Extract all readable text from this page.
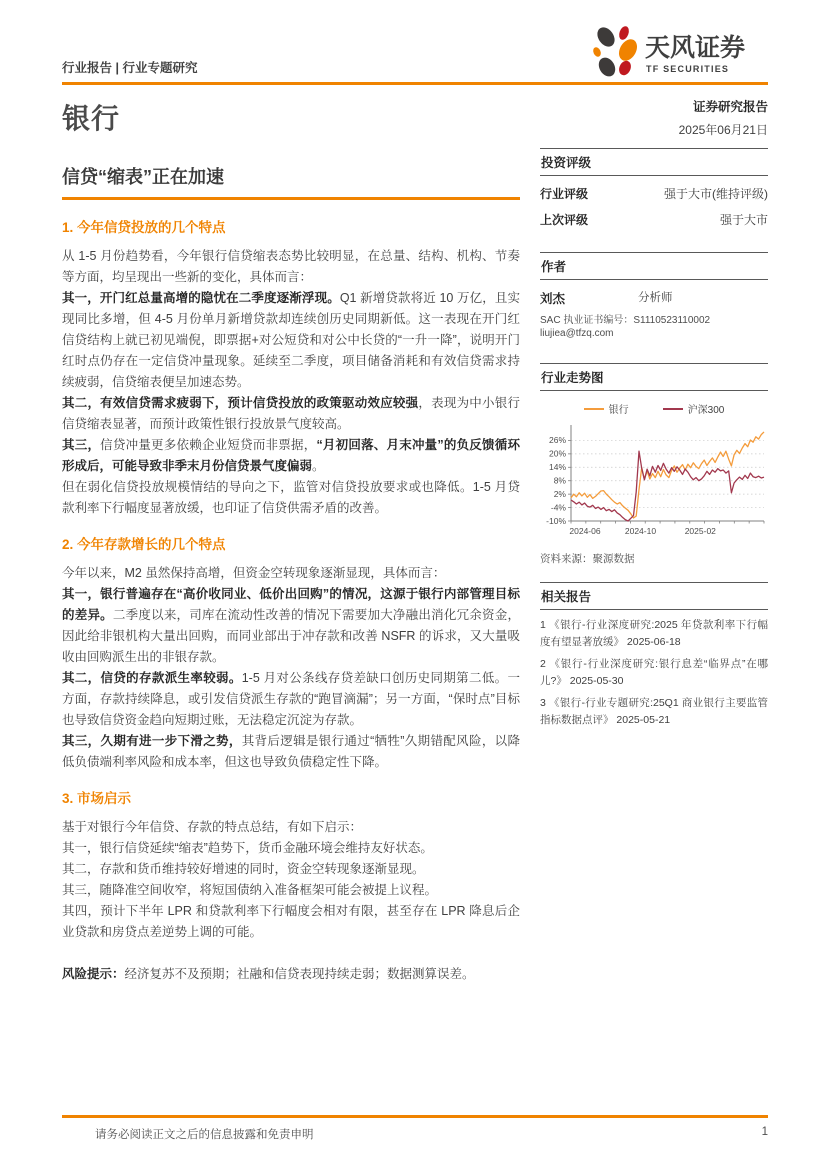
行业报告 | 行业专题研究
天风证券
TF SECURITIES
银行
信贷“缩表”正在加速
1. 今年信贷投放的几个特点

从 1-5 月份趋势看，今年银行信贷缩表态势比较明显，在总量、结构、机构、节奏等方面，均呈现出一些新的变化，具体而言：

其一，开门红总量高增的隐忧在二季度逐渐浮现。Q1 新增贷款将近 10 万亿，且实现同比多增，但 4-5 月份单月新增贷款却连续创历史同期新低。这一表现在开门红信贷结构上就已初见端倪，即票据+对公短贷和对公中长贷的“一升一降”，说明开门红时点仍存在一定信贷冲量现象。延续至二季度，项目储备消耗和有效信贷需求持续疲弱，信贷缩表便呈加速态势。

其二，有效信贷需求疲弱下，预计信贷投放的政策驱动效应较强，表现为中小银行信贷缩表显著，而预计政策性银行投放景气度较高。

其三，信贷冲量更多依赖企业短贷而非票据，“月初回落、月末冲量”的负反馈循环形成后，可能导致非季末月份信贷景气度偏弱。

但在弱化信贷投放规模情结的导向之下，监管对信贷投放要求或也降低。1-5 月贷款利率下行幅度显著放缓，也印证了信贷供需矛盾的改善。

2. 今年存款增长的几个特点

今年以来，M2 虽然保持高增，但资金空转现象逐渐显现，具体而言：

其一，银行普遍存在“高价收同业、低价出回购”的情况，这源于银行内部管理目标的差异。二季度以来，司库在流动性改善的情况下需要加大净融出消化冗余资金，因此给非银机构大量出回购，而同业部出于冲存款和改善 NSFR 的诉求，又大量吸收由回购派生出的非银存款。

其二，信贷的存款派生率较弱。1-5 月对公条线存贷差缺口创历史同期第二低。一方面，存款持续降息，或引发信贷派生存款的“跑冒滴漏”；另一方面，“保时点”目标也导致信贷资金趋向短期过账，无法稳定沉淀为存款。

其三，久期有进一步下滑之势，其背后逻辑是银行通过“牺牲”久期错配风险，以降低负债端利率风险和成本率，但这也导致负债稳定性下降。

3. 市场启示

基于对银行今年信贷、存款的特点总结，有如下启示：

其一，银行信贷延续“缩表”趋势下，货币金融环境会维持友好状态。

其二，存款和货币维持较好增速的同时，资金空转现象逐渐显现。

其三，随降准空间收窄，将短国债纳入准备框架可能会被提上议程。

其四，预计下半年 LPR 和贷款利率下行幅度会相对有限，甚至存在 LPR 降息后企业贷款和房贷点差逆势上调的可能。

风险提示：经济复苏不及预期；社融和信贷表现持续走弱；数据测算误差。

证券研究报告
2025年06月21日
投资评级
行业评级	强于大市(维持评级)
上次评级	强于大市
作者
刘杰	分析师
SAC 执业证书编号：S1110523110002
liujiea@tfzq.com
行业走势图
银行	沪深300
-10%
-4%
2%
8%
14%
20%
26%
2024-06	2024-10	2025-02
资料来源：聚源数据
相关报告
1 《银行-行业深度研究:2025 年贷款利率下行幅度有望显著放缓》 2025-06-18
2 《银行-行业深度研究:银行息差“临界点”在哪儿?》 2025-05-30
3 《银行-行业专题研究:25Q1 商业银行主要监管指标数据点评》 2025-05-21
请务必阅读正文之后的信息披露和免责申明	1
